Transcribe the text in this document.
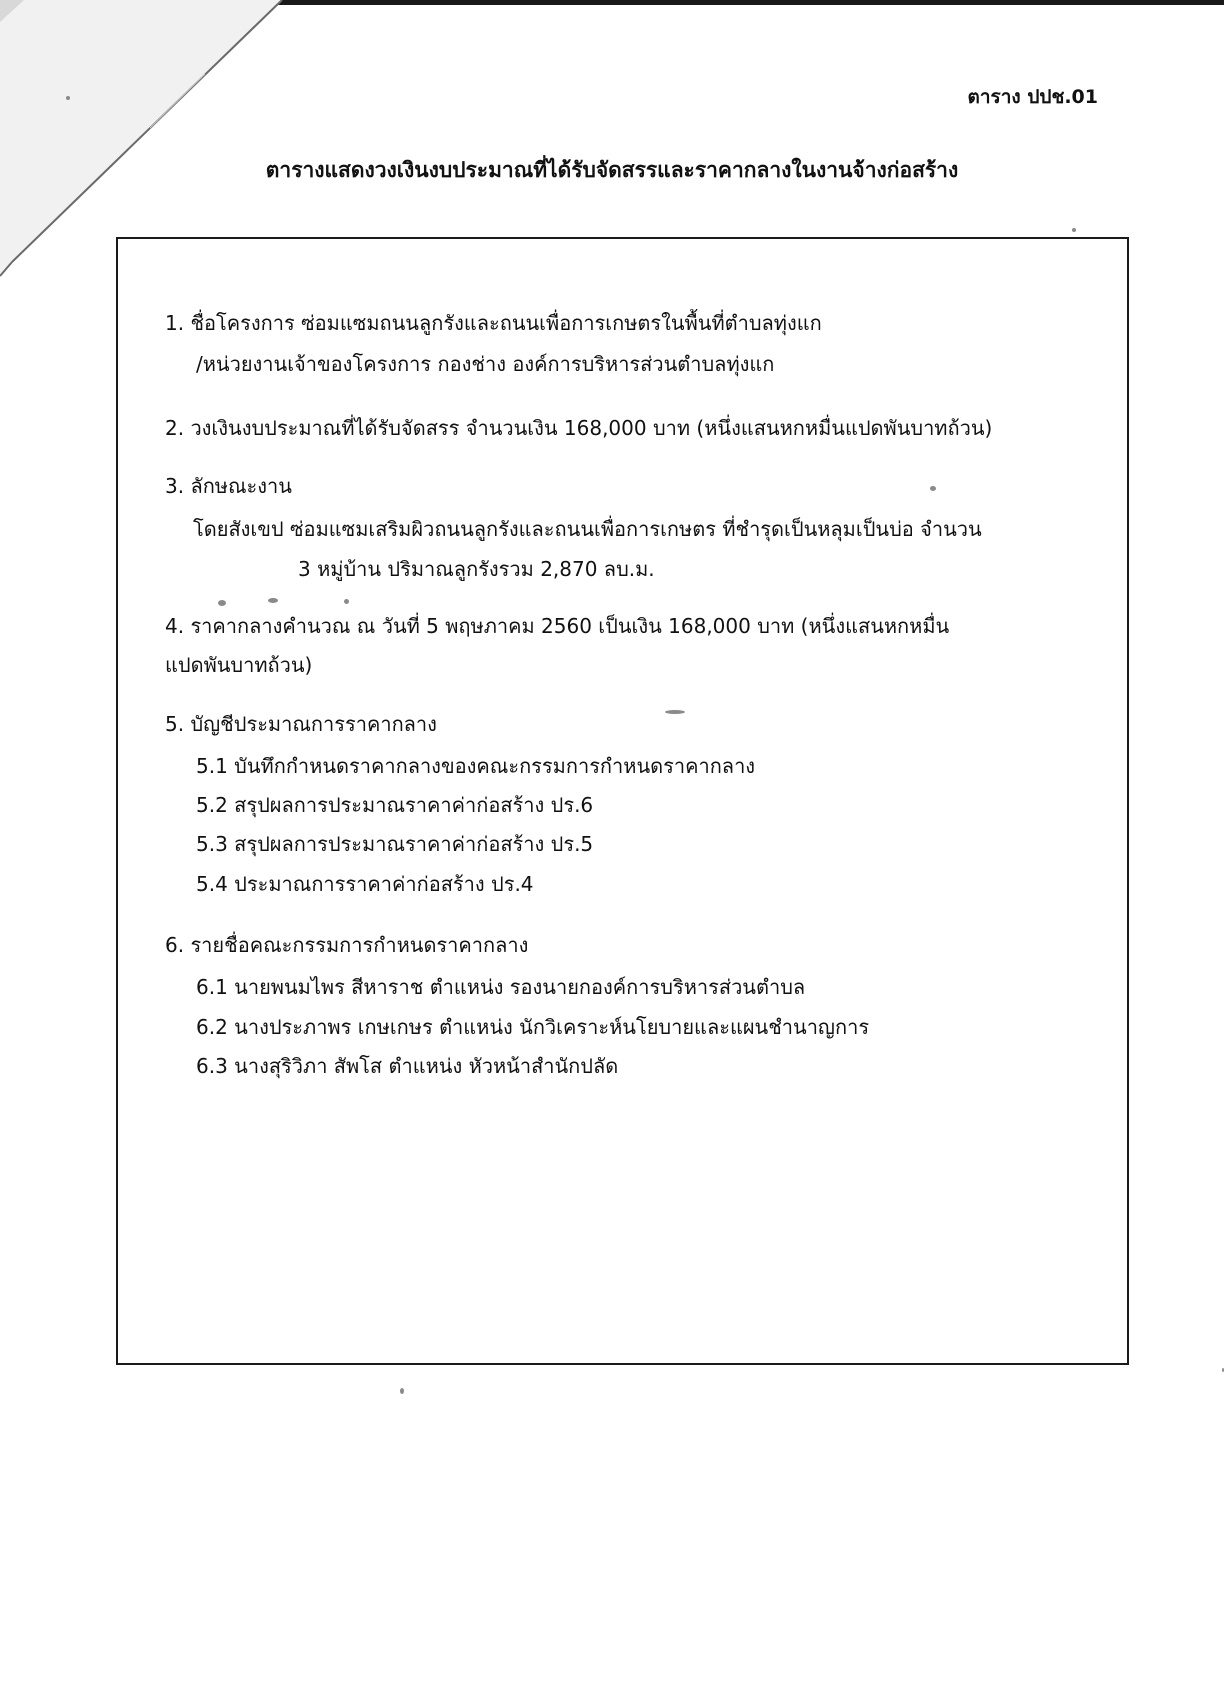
ตาราง ปปช.01
ตารางแสดงวงเงินงบประมาณที่ได้รับจัดสรรและราคากลางในงานจ้างก่อสร้าง
1. ชื่อโครงการ ซ่อมแซมถนนลูกรังและถนนเพื่อการเกษตรในพื้นที่ตำบลทุ่งแก
/หน่วยงานเจ้าของโครงการ กองช่าง องค์การบริหารส่วนตำบลทุ่งแก
2. วงเงินงบประมาณที่ได้รับจัดสรร จำนวนเงิน 168,000 บาท (หนึ่งแสนหกหมื่นแปดพันบาทถ้วน)
3. ลักษณะงาน
โดยสังเขป ซ่อมแซมเสริมผิวถนนลูกรังและถนนเพื่อการเกษตร ที่ชำรุดเป็นหลุมเป็นบ่อ จำนวน
3 หมู่บ้าน ปริมาณลูกรังรวม 2,870 ลบ.ม.
4. ราคากลางคำนวณ ณ วันที่ 5 พฤษภาคม 2560 เป็นเงิน 168,000 บาท (หนึ่งแสนหกหมื่น
แปดพันบาทถ้วน)
5. บัญชีประมาณการราคากลาง
5.1 บันทึกกำหนดราคากลางของคณะกรรมการกำหนดราคากลาง
5.2 สรุปผลการประมาณราคาค่าก่อสร้าง ปร.6
5.3 สรุปผลการประมาณราคาค่าก่อสร้าง ปร.5
5.4 ประมาณการราคาค่าก่อสร้าง ปร.4
6. รายชื่อคณะกรรมการกำหนดราคากลาง
6.1 นายพนมไพร สีหาราช ตำแหน่ง รองนายกองค์การบริหารส่วนตำบล
6.2 นางประภาพร เกษเกษร ตำแหน่ง นักวิเคราะห์นโยบายและแผนชำนาญการ
6.3 นางสุริวิภา สัพโส ตำแหน่ง หัวหน้าสำนักปลัด
